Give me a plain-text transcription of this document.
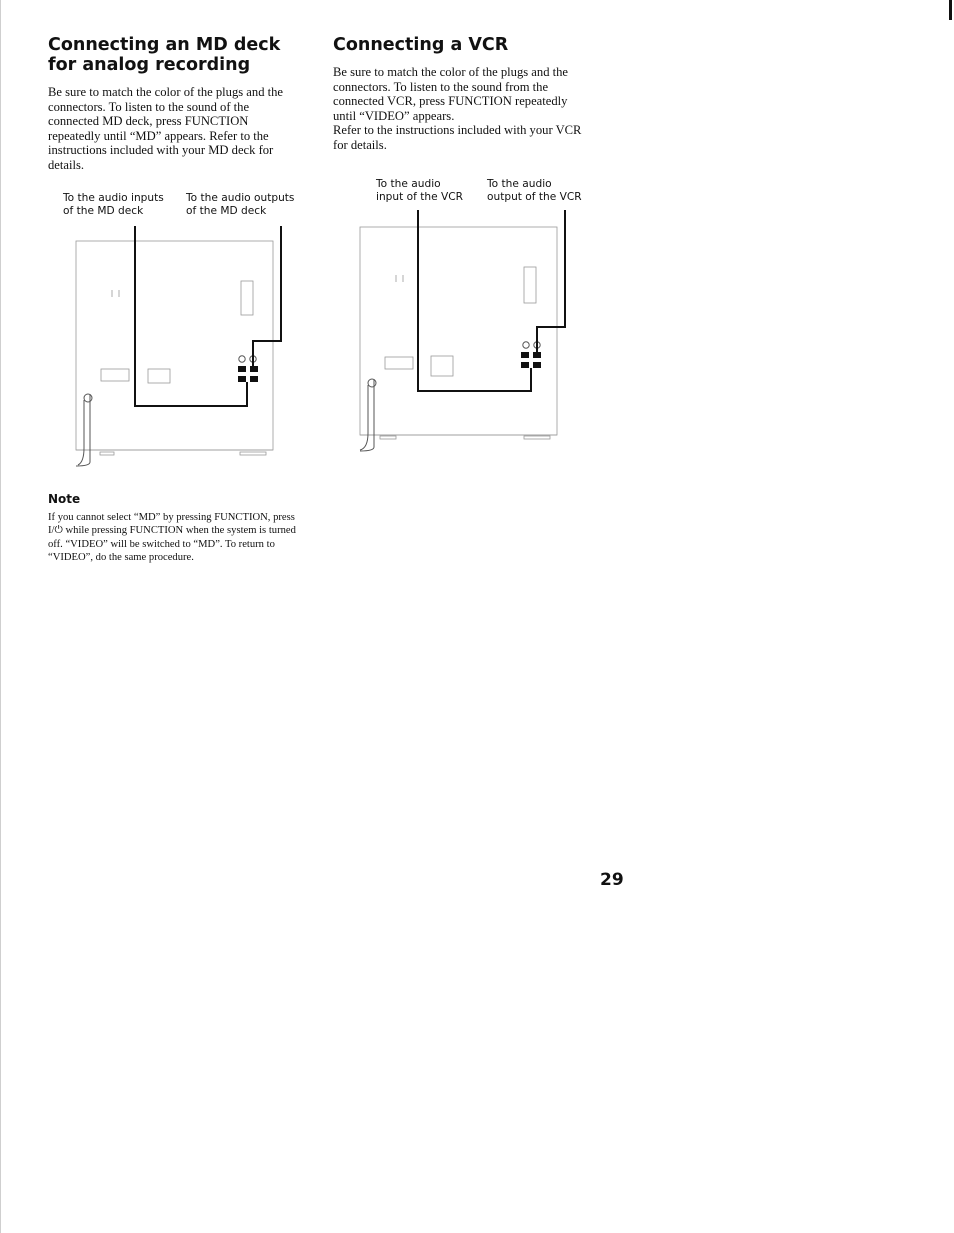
Connecting an MD deck
for analog recording

Be sure to match the color of the plugs and the connectors. To listen to the sound of the connected MD deck, press FUNCTION repeatedly until “MD” appears. Refer to the instructions included with your MD deck for details.

To the audio inputs
of the MD deck
To the audio outputs
of the MD deck
Connecting a VCR

Be sure to match the color of the plugs and the connectors. To listen to the sound from the connected VCR, press FUNCTION repeatedly until “VIDEO” appears.

Refer to the instructions included with your VCR for details.

To the audio
input of the VCR
To the audio
output of the VCR
Note

If you cannot select “MD” by pressing FUNCTION, press I/⏻ while pressing FUNCTION when the system is turned off. “VIDEO” will be switched to “MD”. To return to “VIDEO”, do the same procedure.

29
